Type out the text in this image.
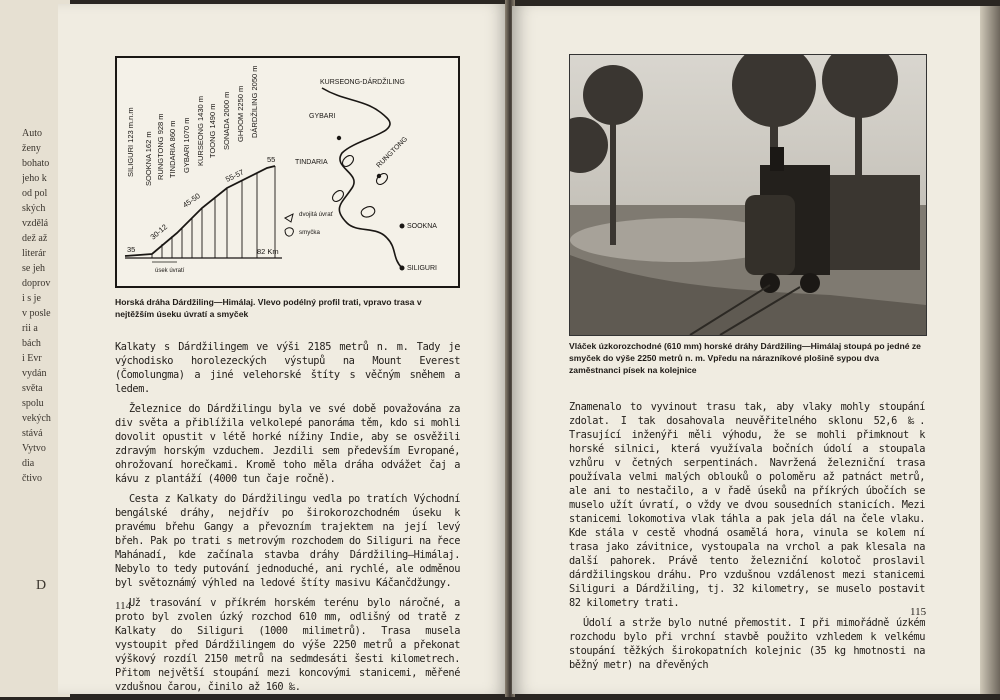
Auto
ženy
bohato
jeho k
od pol
ských
vzdělá
dež až
literár
se jeh
doprov
i s je
v posle
rii a
bách
i Evr
vydán
světa
spolu
vekých
stává
Vytvo
dia
čtivo
D
SILIGURI 123 m.n.m SOOKNA 162 m RUNGTONG 928 m TINDARIA 860 m GYBARI 1070 m KURSEONG 1430 m TOONG 1490 m SONADA 2000 m GHOOM 2250 m DÁRDŽILING 2050 m
35
30-12
45-50
55-57
55
82 Km
úsek úvratí
KURSEONG-DÁRDŽILING
GYBARI
TINDARIA	RUNGTONG
SOOKNA
SILIGURI
dvojitá úvrať
smyčka
Horská dráha Dárdžiling—Himálaj. Vlevo podélný profil trati, vpravo trasa v nejtěžším úseku úvratí a smyček

Kalkaty s Dárdžilingem ve výši 2185 metrů n. m. Tady je východisko horolezeckých výstupů na Mount Everest (Čomolungma) a jiné velehorské štíty s věčným sněhem a ledem.

Železnice do Dárdžilingu byla ve své době považována za div světa a přiblížila velkolepé panoráma těm, kdo si mohli dovolit opustit v létě horké nížiny Indie, aby se osvěžili zdravým horským vzduchem. Jezdili sem především Evropané, ohrožovaní horečkami. Kromě toho měla dráha odvážet čaj a kávu z plantáží (4000 tun čaje ročně).

Cesta z Kalkaty do Dárdžilingu vedla po tratích Východní bengálské dráhy, nejdřív po širokorozchodném úseku k pravému břehu Gangy a převozním trajektem na její levý břeh. Pak po trati s metrovým rozchodem do Siliguri na řece Mahánadí, kde začínala stavba dráhy Dárdžiling—Himálaj. Nebylo to tedy putování jednoduché, ani rychlé, ale odměnou byl světoznámý výhled na ledové štíty masivu Káčančdžungy.

Už trasování v příkrém horském terénu bylo náročné, a proto byl zvolen úzký rozchod 610 mm, odlišný od tratě z Kalkaty do Siliguri (1000 milimetrů). Trasa musela vystoupit před Dárdžilingem do výše 2250 metrů a překonat výškový rozdíl 2150 metrů na sedmdesáti šesti kilometrech. Přitom největší stoupání mezi koncovými stanicemi, měřené vzdušnou čarou, činilo až 160 ‰.

114
Vláček úzkorozchodné (610 mm) horské dráhy Dárdžiling—Himálaj stoupá po jedné ze smyček do výše 2250 metrů n. m. Vpředu na nárazníkové plošině sypou dva zaměstnanci písek na kolejnice

Znamenalo to vyvinout trasu tak, aby vlaky mohly stoupání zdolat. I tak dosahovala neuvěřitelného sklonu 52,6 ‰. Trasující inženýři měli výhodu, že se mohli přimknout k horské silnici, která využívala bočních údolí a stoupala vzhůru v četných serpentinách. Navržená železniční trasa používala velmi malých oblouků o poloměru až patnáct metrů, ale ani to nestačilo, a v řadě úseků na příkrých úbočích se muselo užít úvratí, o vždy ve dvou sousedních stanicích. Mezi stanicemi lokomotiva vlak táhla a pak jela dál na čele vlaku. Kde stála v cestě vhodná osamělá hora, vinula se kolem ní trasa jako závitnice, vystoupala na vrchol a pak klesala na další pahorek. Právě tento železniční kolotoč proslavil dárdžilingskou dráhu. Pro vzdušnou vzdálenost mezi stanicemi Siliguri a Dárdžiling, tj. 32 kilometry, se muselo postavit 82 kilometry trati.

Údolí a strže bylo nutné přemostit. I při mimořádně úzkém rozchodu bylo při vrchní stavbě použito vzhledem k velkému stoupání těžkých širokopatních kolejnic (35 kg hmotnosti na běžný metr) na dřevěných

115
